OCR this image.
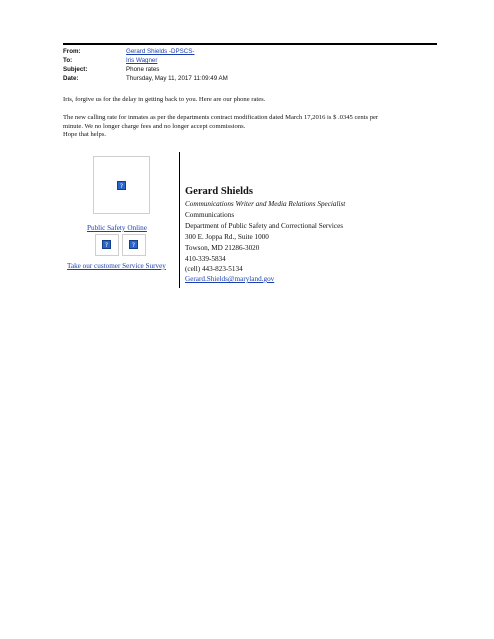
From:	Gerard Shields -DPSCS-
To:	Iris Wagner
Subject:	Phone rates
Date:	Thursday, May 11, 2017 11:09:49 AM
Iris, forgive us for the delay in getting back to you. Here are our phone rates.
The new calling rate for inmates as per the departments contract modification dated March 17,2016 is $ .0345 cents per
minute. We no longer charge fees and no longer accept commissions.
Hope that helps.
?
Public Safety Online
?	?
Take our customer Service Survey
Gerard Shields
Communications Writer and Media Relations Specialist
Communications
Department of Public Safety and Correctional Services
300 E. Joppa Rd., Suite 1000
Towson, MD 21286-3020
410-339-5834
(cell) 443-823-5134
Gerard.Shields@maryland.gov
